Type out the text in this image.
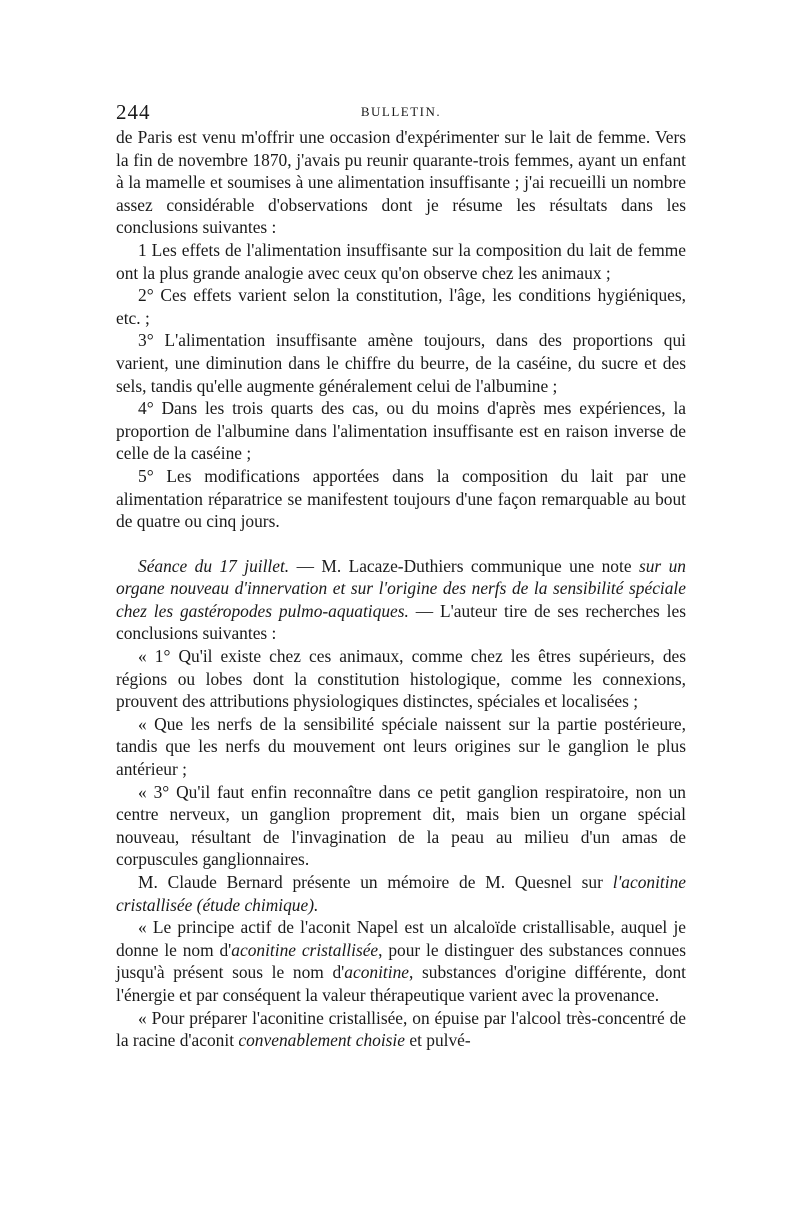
244	BULLETIN.

de Paris est venu m'offrir une occasion d'expérimenter sur le lait de femme. Vers la fin de novembre 1870, j'avais pu reunir quarante-trois femmes, ayant un enfant à la mamelle et soumises à une alimentation insuffisante ; j'ai recueilli un nombre assez considérable d'observations dont je résume les résultats dans les conclusions suivantes :

1 Les effets de l'alimentation insuffisante sur la composition du lait de femme ont la plus grande analogie avec ceux qu'on observe chez les animaux ;

2° Ces effets varient selon la constitution, l'âge, les conditions hygiéniques, etc. ;

3° L'alimentation insuffisante amène toujours, dans des proportions qui varient, une diminution dans le chiffre du beurre, de la caséine, du sucre et des sels, tandis qu'elle augmente généralement celui de l'albumine ;

4° Dans les trois quarts des cas, ou du moins d'après mes expériences, la proportion de l'albumine dans l'alimentation insuffisante est en raison inverse de celle de la caséine ;

5° Les modifications apportées dans la composition du lait par une alimentation réparatrice se manifestent toujours d'une façon remarquable au bout de quatre ou cinq jours.

Séance du 17 juillet. — M. Lacaze-Duthiers communique une note sur un organe nouveau d'innervation et sur l'origine des nerfs de la sensibilité spéciale chez les gastéropodes pulmo-aquatiques. — L'auteur tire de ses recherches les conclusions suivantes :

« 1° Qu'il existe chez ces animaux, comme chez les êtres supérieurs, des régions ou lobes dont la constitution histologique, comme les connexions, prouvent des attributions physiologiques distinctes, spéciales et localisées ;

« Que les nerfs de la sensibilité spéciale naissent sur la partie postérieure, tandis que les nerfs du mouvement ont leurs origines sur le ganglion le plus antérieur ;

« 3° Qu'il faut enfin reconnaître dans ce petit ganglion respiratoire, non un centre nerveux, un ganglion proprement dit, mais bien un organe spécial nouveau, résultant de l'invagination de la peau au milieu d'un amas de corpuscules ganglionnaires.

M. Claude Bernard présente un mémoire de M. Quesnel sur l'aconitine cristallisée (étude chimique).

« Le principe actif de l'aconit Napel est un alcaloïde cristallisable, auquel je donne le nom d'aconitine cristallisée, pour le distinguer des substances connues jusqu'à présent sous le nom d'aconitine, substances d'origine différente, dont l'énergie et par conséquent la valeur thérapeutique varient avec la provenance.

« Pour préparer l'aconitine cristallisée, on épuise par l'alcool très-concentré de la racine d'aconit convenablement choisie et pulvé-
